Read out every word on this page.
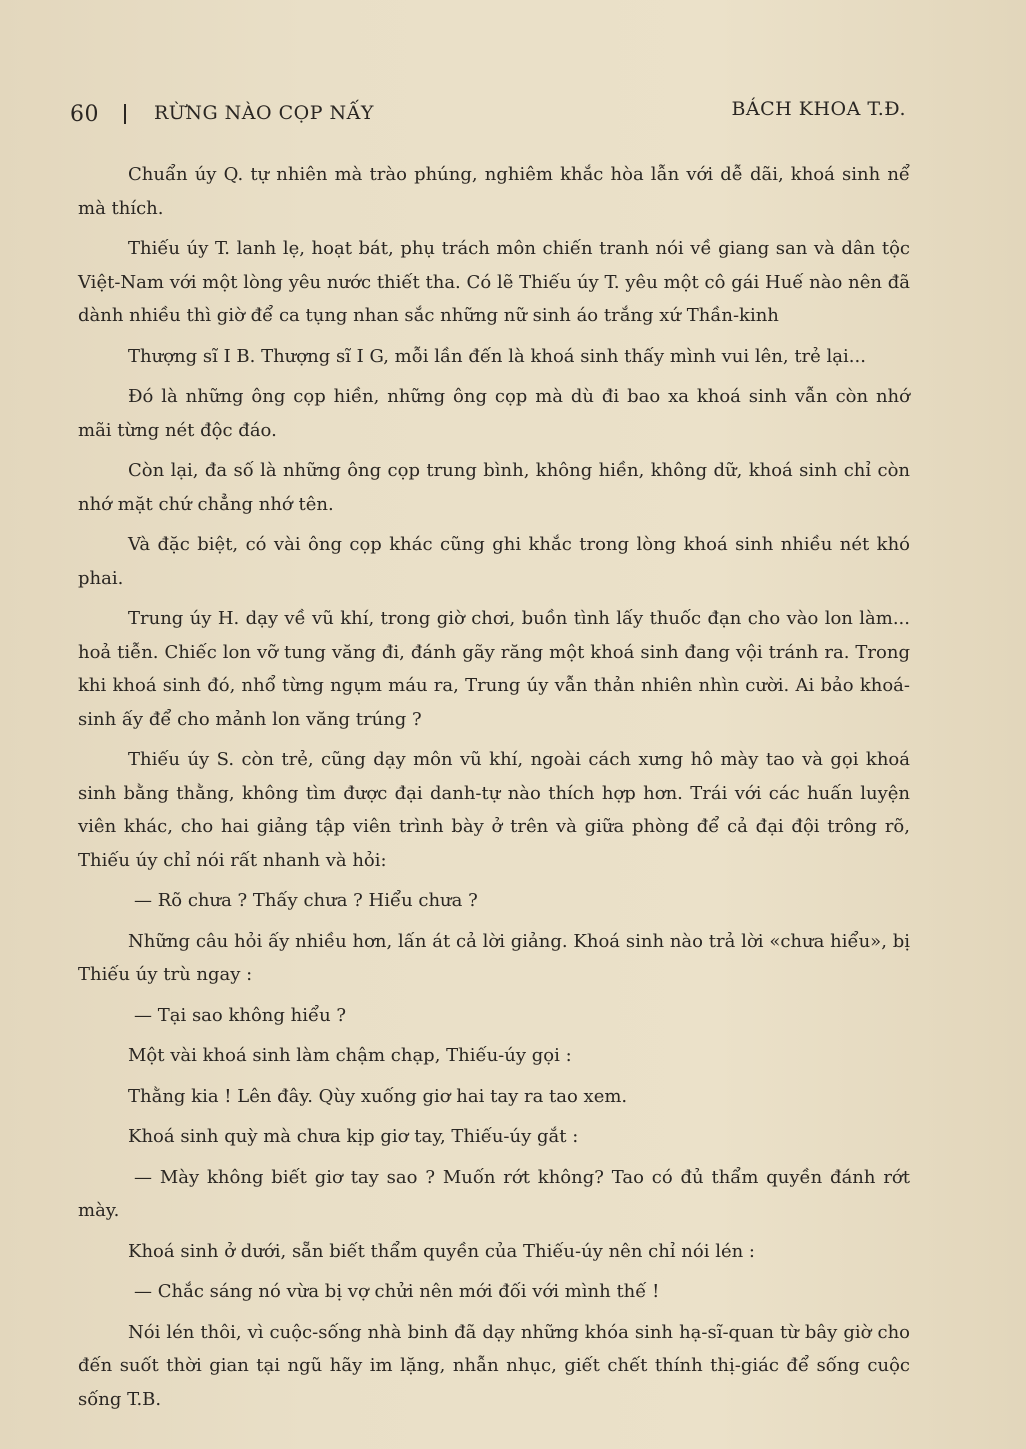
60	RỪNG NÀO CỌP NẤY	BÁCH KHOA T.Đ.

Chuẩn úy Q. tự nhiên mà trào phúng, nghiêm khắc hòa lẫn với dễ dãi, khoá sinh nể mà thích.

Thiếu úy T. lanh lẹ, hoạt bát, phụ trách môn chiến tranh nói về giang san và dân tộc Việt-Nam với một lòng yêu nước thiết tha. Có lẽ Thiếu úy T. yêu một cô gái Huế nào nên đã dành nhiều thì giờ để ca tụng nhan sắc những nữ sinh áo trắng xứ Thần-kinh

Thượng sĩ I B. Thượng sĩ I G, mỗi lần đến là khoá sinh thấy mình vui lên, trẻ lại...

Đó là những ông cọp hiền, những ông cọp mà dù đi bao xa khoá sinh vẫn còn nhớ mãi từng nét độc đáo.

Còn lại, đa số là những ông cọp trung bình, không hiền, không dữ, khoá sinh chỉ còn nhớ mặt chứ chẳng nhớ tên.

Và đặc biệt, có vài ông cọp khác cũng ghi khắc trong lòng khoá sinh nhiều nét khó phai.

Trung úy H. dạy về vũ khí, trong giờ chơi, buồn tình lấy thuốc đạn cho vào lon làm... hoả tiễn. Chiếc lon vỡ tung văng đi, đánh gãy răng một khoá sinh đang vội tránh ra. Trong khi khoá sinh đó, nhổ từng ngụm máu ra, Trung úy vẫn thản nhiên nhìn cười. Ai bảo khoá-sinh ấy để cho mảnh lon văng trúng ?

Thiếu úy S. còn trẻ, cũng dạy môn vũ khí, ngoài cách xưng hô mày tao và gọi khoá sinh bằng thằng, không tìm được đại danh-tự nào thích hợp hơn. Trái với các huấn luyện viên khác, cho hai giảng tập viên trình bày ở trên và giữa phòng để cả đại đội trông rõ, Thiếu úy chỉ nói rất nhanh và hỏi:

— Rõ chưa ? Thấy chưa ? Hiểu chưa ?

Những câu hỏi ấy nhiều hơn, lấn át cả lời giảng. Khoá sinh nào trả lời «chưa hiểu», bị Thiếu úy trù ngay :

— Tại sao không hiểu ?

Một vài khoá sinh làm chậm chạp, Thiếu-úy gọi :

Thằng kia ! Lên đây. Qùy xuống giơ hai tay ra tao xem.

Khoá sinh quỳ mà chưa kịp giơ tay, Thiếu-úy gắt :

— Mày không biết giơ tay sao ? Muốn rớt không? Tao có đủ thẩm quyền đánh rớt mày.

Khoá sinh ở dưới, sẵn biết thẩm quyền của Thiếu-úy nên chỉ nói lén :

— Chắc sáng nó vừa bị vợ chửi nên mới đối với mình thế !

Nói lén thôi, vì cuộc-sống nhà binh đã dạy những khóa sinh hạ-sĩ-quan từ bây giờ cho đến suốt thời gian tại ngũ hãy im lặng, nhẫn nhục, giết chết thính thị-giác để sống cuộc sống T.B.
